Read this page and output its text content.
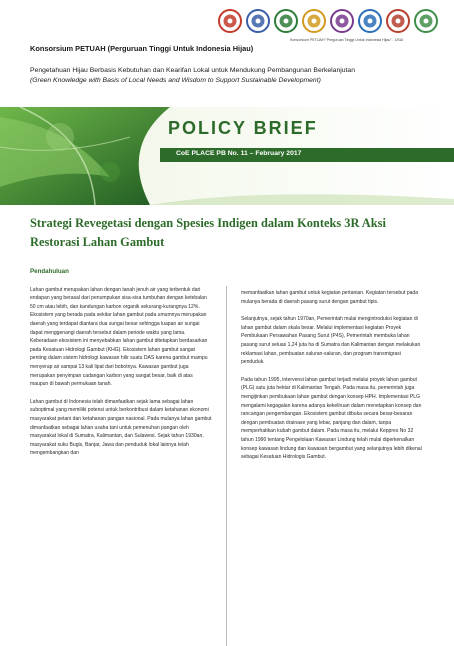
Konsorsium PETUAH "Perguruan Tinggi Untuk Indonesia Hijau" - USAI
Konsorsium PETUAH (Perguruan Tinggi Untuk Indonesia Hijau)
Pengetahuan Hijau Berbasis Kebutuhan dan Kearifan Lokal untuk Mendukung Pembangunan Berkelanjutan
(Green Knowledge with Basis of Local Needs and Wisdom to Support Sustainable Development)
POLICY BRIEF
CoE PLACE PB No. 11 – February 2017
Strategi Revegetasi dengan Spesies Indigen dalam Konteks 3R Aksi Restorasi Lahan Gambut
Pendahuluan

Lahan gambut merupakan lahan dengan tanah jenuh air yang terbentuk dari endapan yang berasal dari penumpukan sisa-sisa tumbuhan dengan ketebalan 50 cm atau lebih, dan kandungan karbon organik sekurang-kurangnya 12%. Ekosistem yang berada pada sekitar lahan gambut pada umumnya merupakan daerah yang terdapat diantara dua sungai besar sehingga luapan air sungai dapat menggenangi daerah tersebut dalam periode waktu yang lama. Keberadaan ekosistem ini menyebabkan lahan gambut ditetapkan berdasarkan pada Kesatuan Hidrologi Gambut (KHG). Ekosistem lahan gambut sangat penting dalam sistem hidrologi kawasan hilir suatu DAS karena gambut mampu menyerap air sampai 13 kali lipat dari bobotnya. Kawasan gambut juga merupakan penyimpan cadangan karbon yang sangat besar, baik di atas maupun di bawah permukaan tanah.

Lahan gambut di Indonesia telah dimanfaatkan sejak lama sebagai lahan suboptimal yang memiliki potensi untuk berkontribusi dalam ketahanan ekonomi masyarakat petani dan ketahanan pangan nasional. Pada mulanya lahan gambut dimanfaatkan sebagai lahan usaha tani untuk pemenuhan pangan oleh masyarakat lokal di Sumatra, Kalimantan, dan Sulawesi. Sejak tahun 1930an, masyarakat suku Bugis, Banjar, Jawa dan penduduk lokal lainnya telah mengembangkan dan

memanfaatkan lahan gambut untuk kegiatan pertanian. Kegiatan tersebut pada mulanya berada di daerah pasang surut dengan gambut tipis.

Selanjutnya, sejak tahun 1970an, Pemerintah mulai mengintroduksi kegiatan di lahan gambut dalam skala besar. Melalui implementasi kegiatan Proyek Pembukaan Persawahan Pasang Surut (P4S), Pemerintah membuka lahan pasang surut seluas 1,24 juta ha di Sumatra dan Kalimantan dengan melakukan reklamasi lahan, pembuatan saluran-saluran, dan program transmigrasi penduduk.

Pada tahun 1995, intervensi lahan gambut terjadi melalui proyek lahan gambut (PLG) satu juta hektar di Kalimantan Tengah. Pada masa itu, pemerintah juga mengijinkan pembukaan lahan gambut dengan konsep HPH. Implementasi PLG mengalami kegagalan karena adanya kekeliruan dalam menetapkan konsep dan rancangan pengembangan. Ekosistem gambut dibuka secara besar-besaran dengan pembuatan drainase yang lebar, panjang dan dalam, tanpa memperhatikan kubah gambut dalam. Pada masa itu, melalui Keppres No 32 tahun 1990 tentang Pengelolaan Kawasan Lindung telah mulai diperkenalkan konsep kawasan lindung dan kawasan bergambut yang selanjutnya lebih dikenal sebagai Kesatuan Hidrologis Gambut.
